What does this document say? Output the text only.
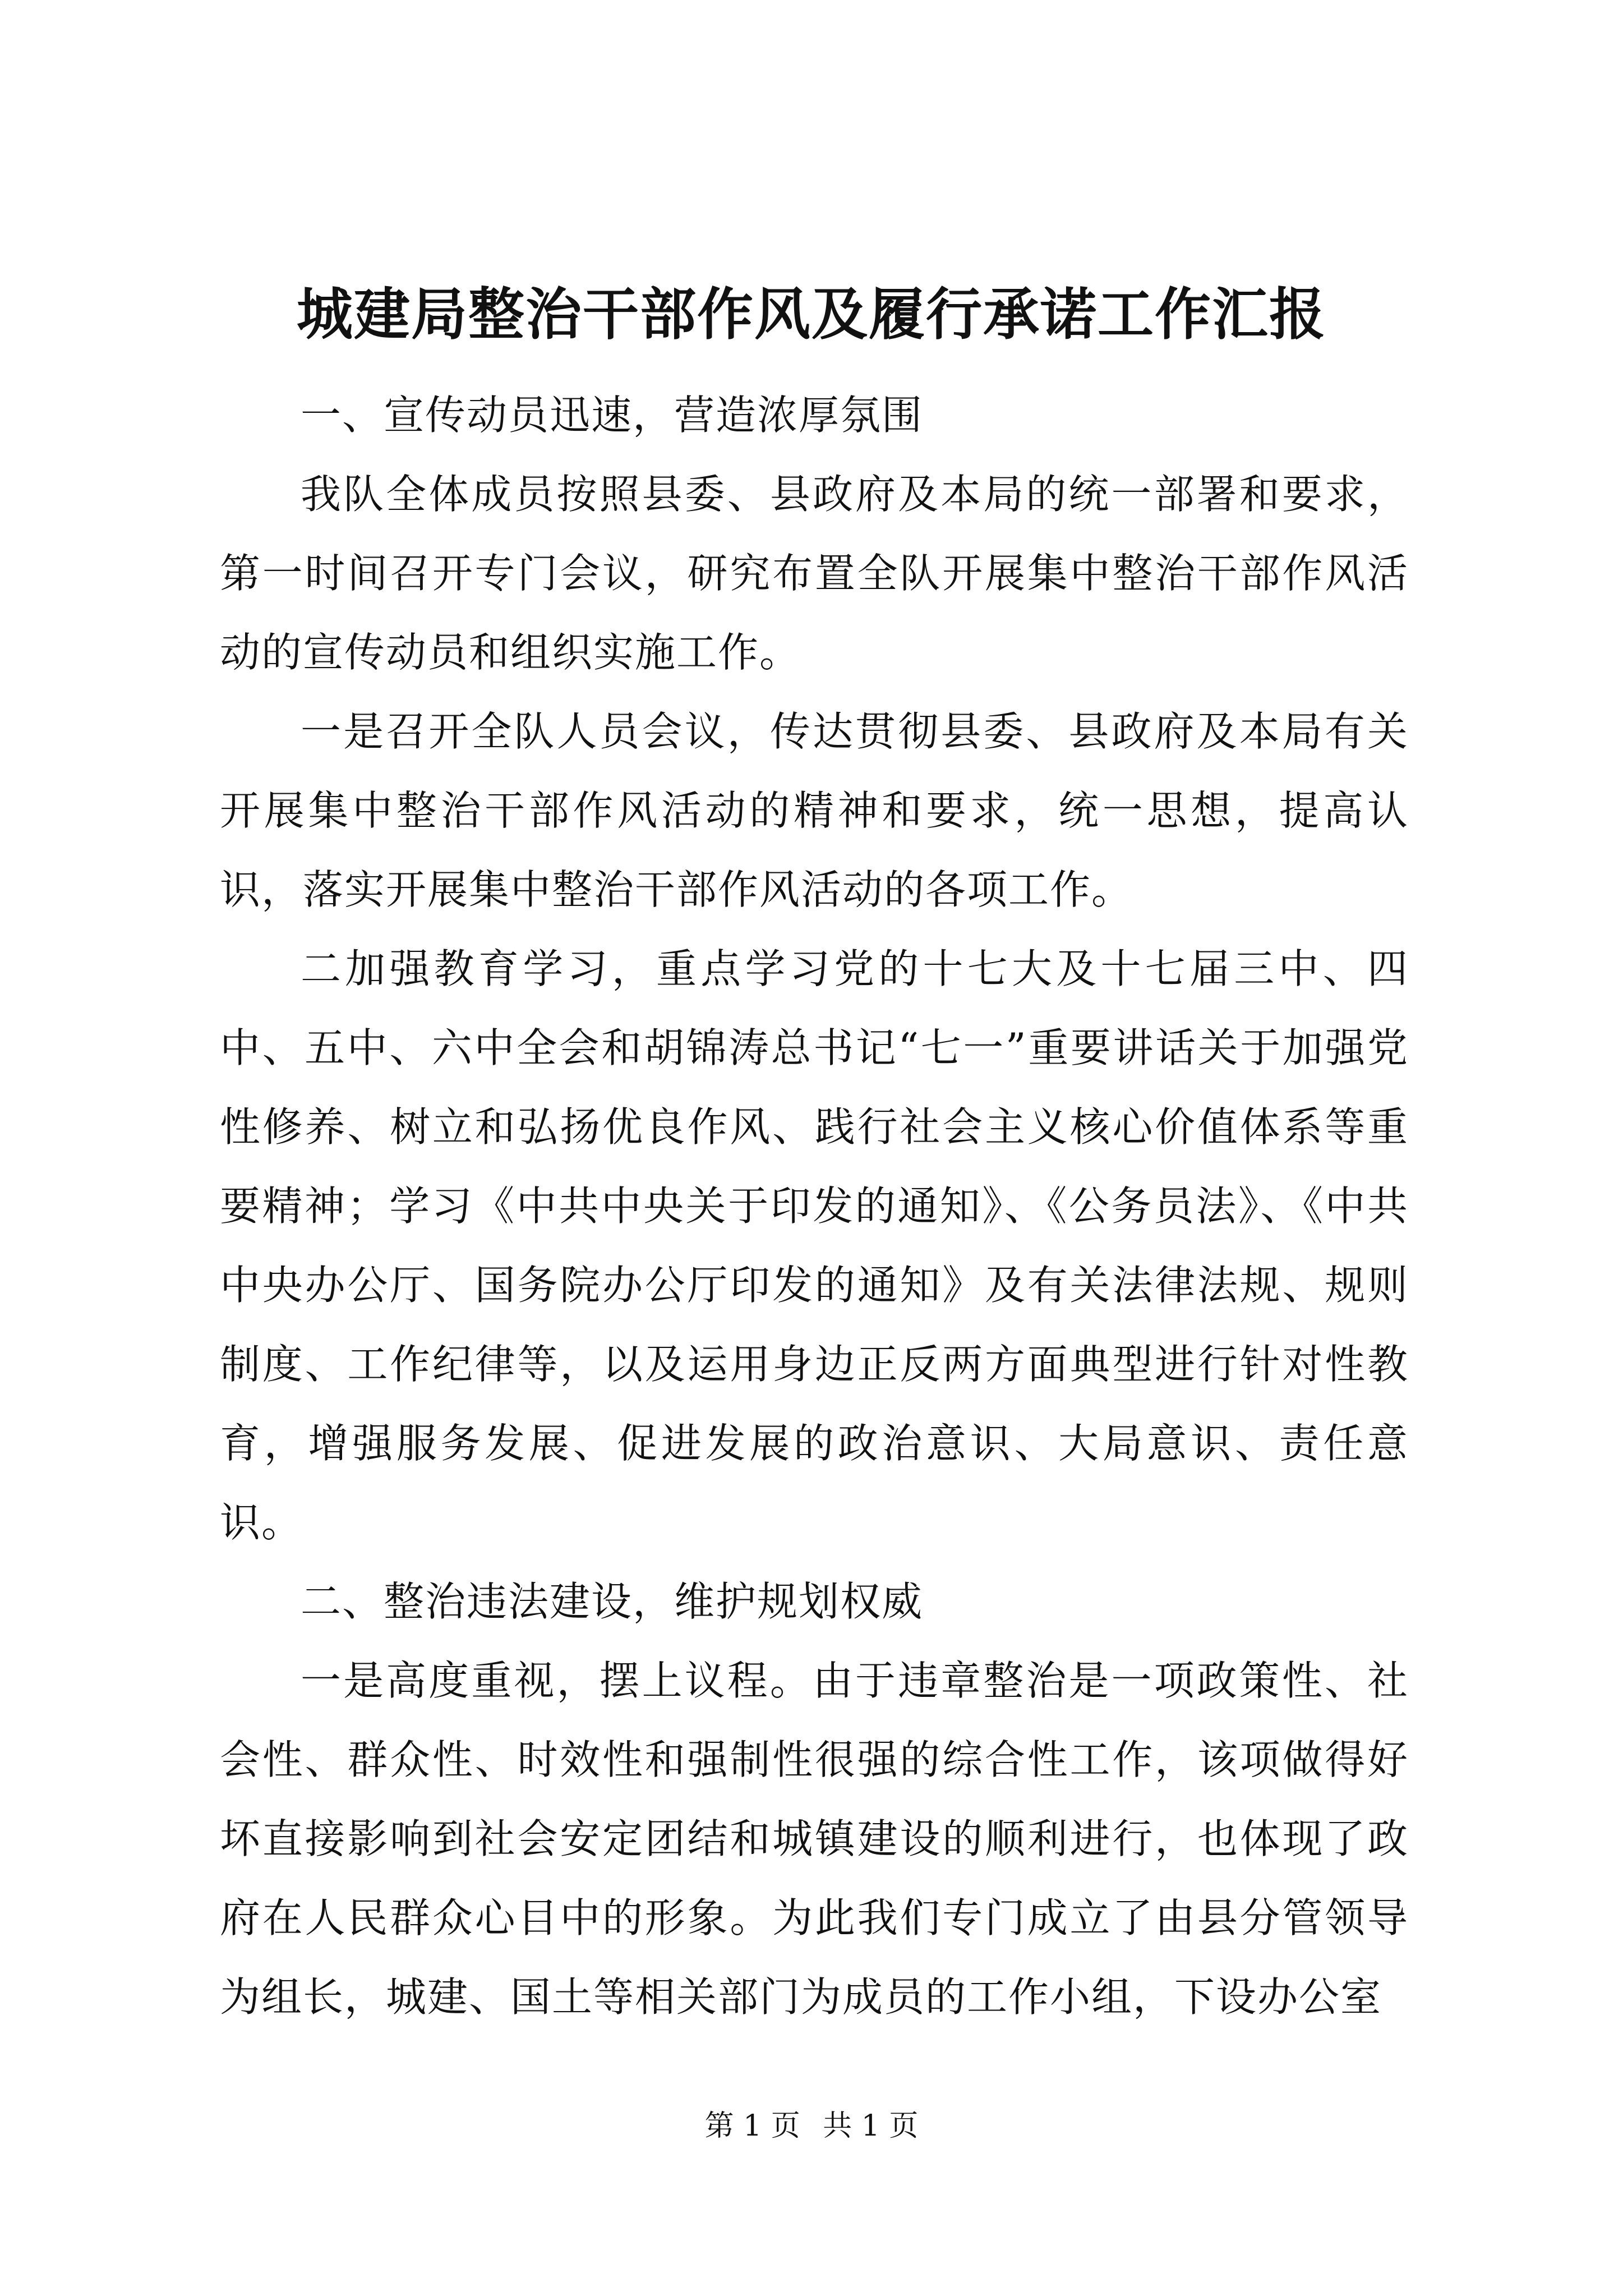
城建局整治干部作风及履行承诺工作汇报

一、宣传动员迅速，营造浓厚氛围

我队全体成员按照县委、县政府及本局的统一部署和要求，第一时间召开专门会议，研究布置全队开展集中整治干部作风活动的宣传动员和组织实施工作。

一是召开全队人员会议，传达贯彻县委、县政府及本局有关开展集中整治干部作风活动的精神和要求，统一思想，提高认识，落实开展集中整治干部作风活动的各项工作。

二加强教育学习，重点学习党的十七大及十七届三中、四中、五中、六中全会和胡锦涛总书记“七一”重要讲话关于加强党性修养、树立和弘扬优良作风、践行社会主义核心价值体系等重要精神；学习《中共中央关于印发的通知》、《公务员法》、《中共中央办公厅、国务院办公厅印发的通知》及有关法律法规、规则制度、工作纪律等，以及运用身边正反两方面典型进行针对性教育，增强服务发展、促进发展的政治意识、大局意识、责任意识。

二、整治违法建设，维护规划权威

一是高度重视，摆上议程。由于违章整治是一项政策性、社会性、群众性、时效性和强制性很强的综合性工作，该项做得好坏直接影响到社会安定团结和城镇建设的顺利进行，也体现了政府在人民群众心目中的形象。为此我们专门成立了由县分管领导为组长，城建、国土等相关部门为成员的工作小组，下设办公室

第 1 页 共 1 页
